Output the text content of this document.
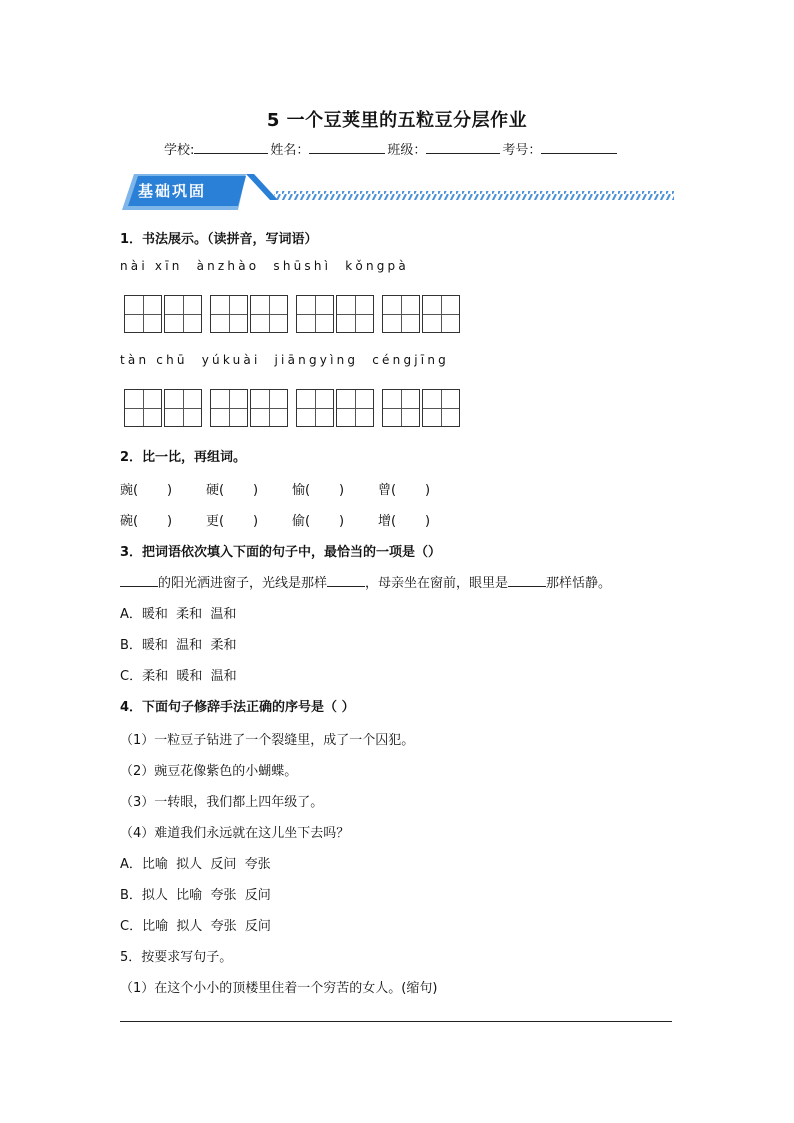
5 一个豆荚里的五粒豆分层作业
学校:	姓名：	班级：	考号：
基础巩固
1．书法展示。（读拼音，写词语）
nài xīn  ànzhào  shūshì  kǒngpà
tàn chū  yúkuài  jiāngyìng  céngjīng
2．比一比，再组词。
豌(       )	硬(       )	愉(       )	曾(       )
碗(       )	更(       )	偷(       )	增(       )
3．把词语依次填入下面的句子中，最恰当的一项是（）
的阳光洒进窗子，光线是那样	，母亲坐在窗前，眼里是	那样恬静。
A．暖和  柔和  温和
B．暖和  温和  柔和
C．柔和  暖和  温和
4．下面句子修辞手法正确的序号是（ ）
（1）一粒豆子钻进了一个裂缝里，成了一个囚犯。
（2）豌豆花像紫色的小蝴蝶。
（3）一转眼，我们都上四年级了。
（4）难道我们永远就在这儿坐下去吗？
A．比喻  拟人  反问  夸张
B．拟人  比喻  夸张  反问
C．比喻  拟人  夸张  反问
5．按要求写句子。
（1）在这个小小的顶楼里住着一个穷苦的女人。(缩句)
